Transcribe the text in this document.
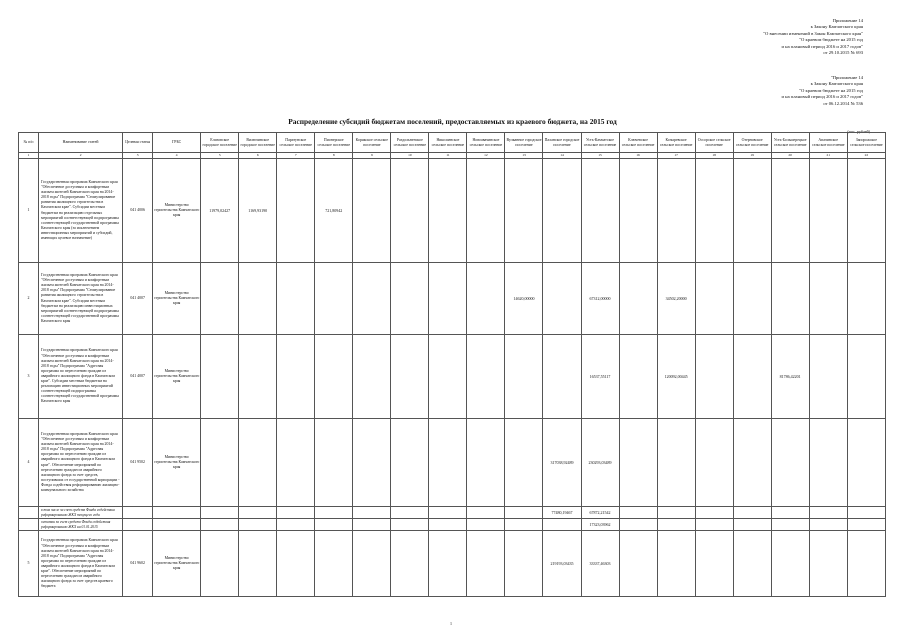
Приложение 14
к Закону Камчатского края
"О внесении изменений в Закон Камчатского края"
"О краевом бюджете на 2015 год
и на плановый период 2016 и 2017 годов"
от 29.10.2015 № 693
"Приложение 14
к Закону Камчатского края
"О краевом бюджете на 2015 год
и на плановый период 2016 и 2017 годов"
от 06.12.2014 № 536
Распределение субсидий бюджетам поселений, предоставляемых из краевого бюджета, на 2015 год
(тыс. рублей)
№ п/п	Наименование статей	Целевая статья	ГРБС	Елизовское городское поселение	Вилючинское городское поселение	Паратунское сельское поселение	Пионерское сельское поселение	Корякское сельское поселение	Раздольненское сельское поселение	Николаевское сельское поселение	Новоавачинское сельское поселение	Вулканное городское поселение	Паланское городское поселение	Усть-Камчатское сельское поселение	Ключевское сельское поселение	Козыревское сельское поселение	Оссорское сельское поселение	Озерновское сельское поселение	Усть-Большерецкое сельское поселение	Апачинское сельское поселение	Запорожское сельское поселение
1	2	3	4	5	6	7	8	9	10	11	12	13	14	15	16	17	18	19	20	21	22
1	Государственная программа Камчатского края "Обеспечение доступным и комфортным жильем жителей Камчатского края на 2014-2018 годы" Подпрограмма "Стимулирование развития жилищного строительства в Камчатском крае". Субсидии местным бюджетам на реализацию отдельных мероприятий соответствующей подпрограммы соответствующей государственной программы Камчатского края (за исключением инвестиционных мероприятий и субсидий, имеющих целевое назначение)	041 4006	Министерство строительства Камчатского края	11979,02427	1169,93190		721,80942														
2	Государственная программа Камчатского края "Обеспечение доступным и комфортным жильем жителей Камчатского края на 2014-2018 годы" Подпрограмма "Стимулирование развития жилищного строительства в Камчатском крае". Субсидии местным бюджетам на реализацию инвестиционных мероприятий соответствующей подпрограммы соответствующей государственной программы Камчатского края	041 4007	Министерство строительства Камчатского края									14620,00000		67312,00000		34502,20000					
3	Государственная программа Камчатского края "Обеспечение доступным и комфортным жильем жителей Камчатского края на 2014-2018 годы" Подпрограмма "Адресная программа по переселению граждан из аварийного жилищного фонда в Камчатском крае". Субсидии местным бюджетам на реализацию инвестиционных мероприятий соответствующей подпрограммы соответствующей государственной программы Камчатского края	041 4007	Министерство строительства Камчатского края											16537,55117		120092,00445			81786,42201		
4	Государственная программа Камчатского края "Обеспечение доступным и комфортным жильем жителей Камчатского края на 2014-2018 годы" Подпрограмма "Адресная программа по переселению граждан из аварийного жилищного фонда в Камчатском крае". Обеспечение мероприятий по переселению граждан из аварийного жилищного фонда за счет средств, поступивших от государственной корпорации - Фонда содействия реформированию жилищно-коммунального хозяйства	041 9502	Министерство строительства Камчатского края										317038,92489	230293,03489							
	в том числе за счет средств Фонда содействия реформированию ЖКХ текущего года												77480,19467	67872,21542							
	остатки за счет средств Фонда содействия реформированию ЖКХ на 01.01.2015													17323,03962							
5	Государственная программа Камчатского края "Обеспечение доступным и комфортным жильем жителей Камчатского края на 2014-2018 годы" Подпрограмма "Адресная программа по переселению граждан из аварийного жилищного фонда в Камчатском крае". Обеспечение мероприятий по переселению граждан из аварийного жилищного фонда за счет средств краевого бюджета	041 9602	Министерство строительства Камчатского края										219193,03435	33337,46303							
1
